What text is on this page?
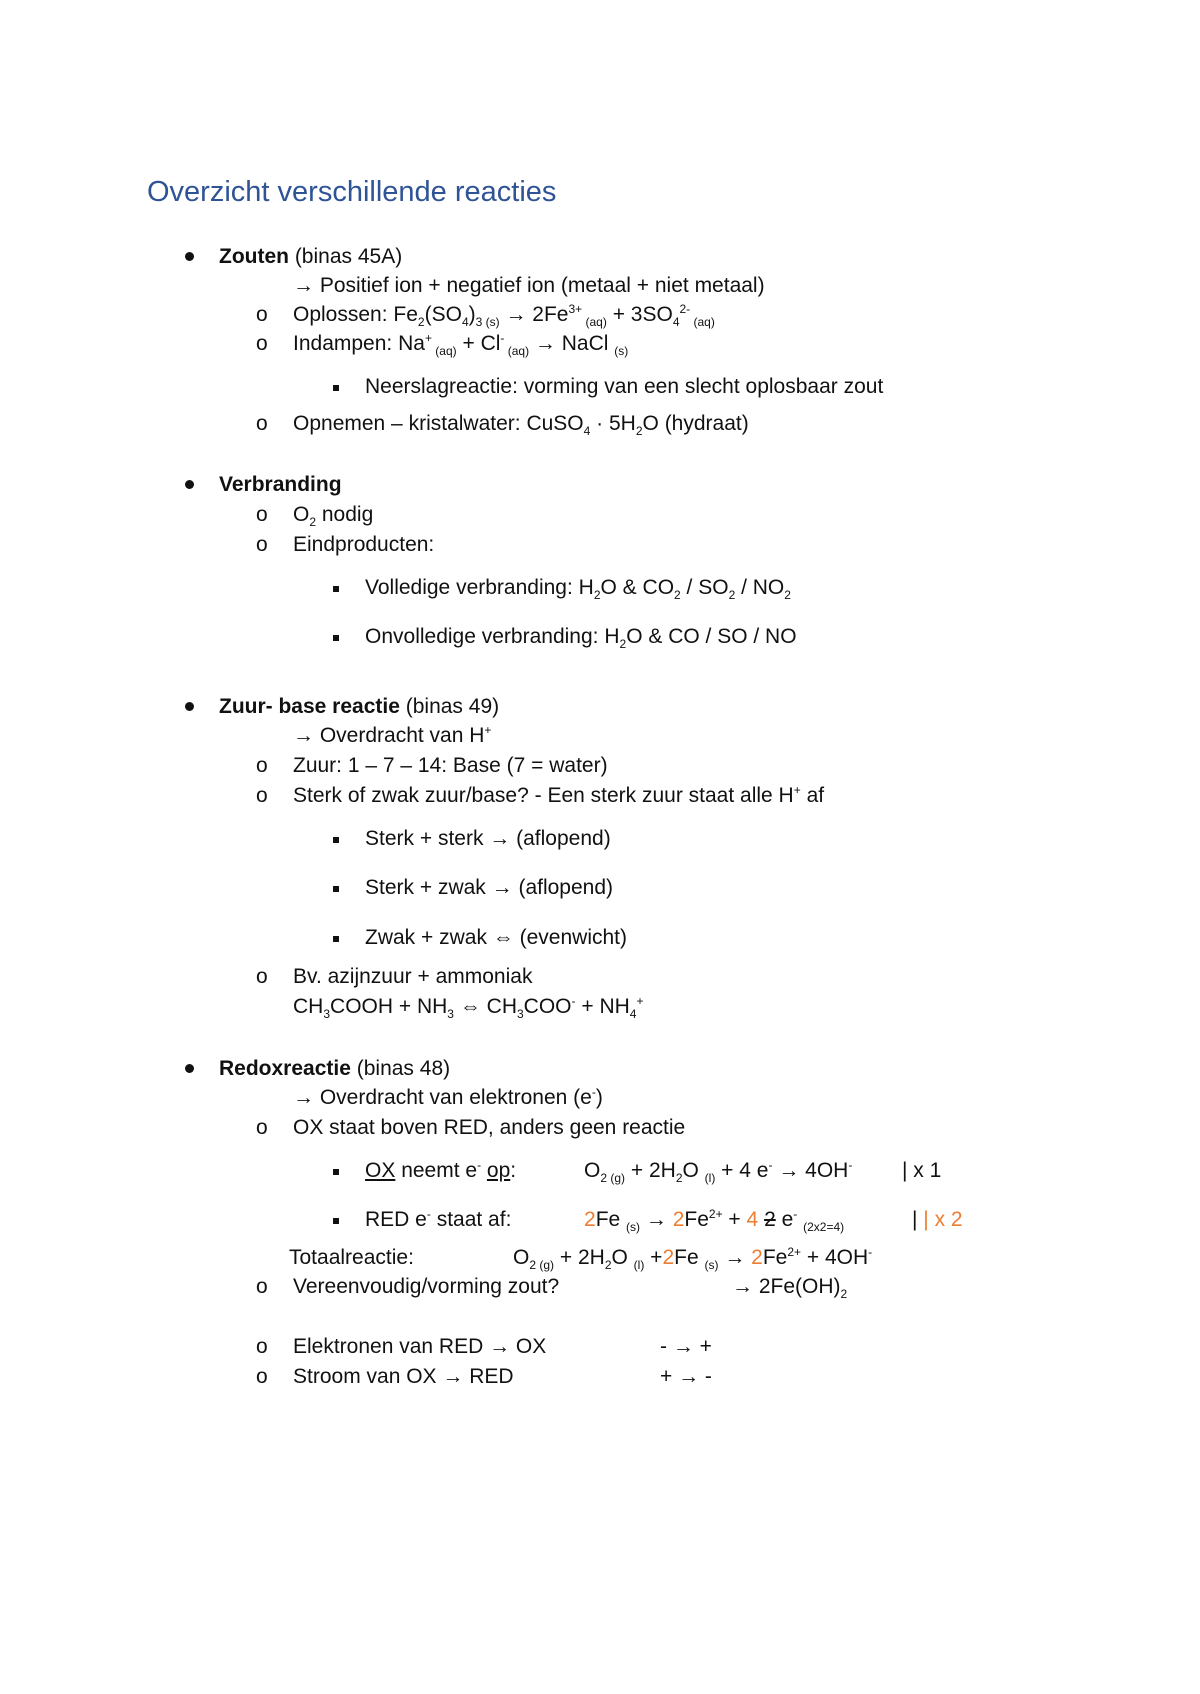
Overzicht verschillende reacties
Zouten (binas 45A)
→ Positief ion + negatief ion (metaal + niet metaal)
o Oplossen: $Fe_2(SO_4)_{3 (s)} \to 2Fe^{3+}$ $_{(aq)} + 3SO_4^{2-}$ $_{(aq)}$
o Indampen: Na+ $_{(aq)}$ + Cl- $_{(aq)}$ → NaCl $_{(s)}$
Neerslagreactie: vorming van een slecht oplosbaar zout
o Opnemen – kristalwater: CuSO$_4$ · $5H_2O$ (hydraat)
Verbranding
o $O_2$ nodig
o Eindproducten:
Volledige verbranding: $H_2O$ & $CO_2 / SO_2 / NO_2$
Onvolledige verbranding: $H_2O$ & CO / SO / NO
Zuur- base reactie (binas 49)
→ Overdracht van H+
o Zuur: 1 – 7 – 14: Base (7 = water)
o Sterk of zwak zuur/base? - Een sterk zuur staat alle H+ af
Sterk + sterk → (aflopend)
Sterk + zwak → (aflopend)
Zwak + zwak ⇔ (evenwicht)
o Bv. azijnzuur + ammoniak
$CH_3COOH + NH_3$ ⇔ $CH_3COO^- + NH_4^+$
Redoxreactie (binas 48)
→ Overdracht van elektronen (e-)
o OX staat boven RED, anders geen reactie
OX neemt e- op:	$O_{2 (g)} + 2H_2O$ $_{(l)}$ + 4 e- → 4OH- | x 1
RED e- staat af:	2Fe $_{(s)} \to 2Fe^{2+} + 4$ 2 e- $_{(2x2=4)}$	| | x 2
Totaalreactie:	$O_{2 (g)} + 2H_2O$ $_{(l)}$ +2Fe $_{(s)} \to 2Fe^{2+} + 4OH^-$
o Vereenvoudig/vorming zout?	→ $2Fe(OH)_2$
o Elektronen van RED → OX	- → +
o Stroom van OX → RED	+ → -
